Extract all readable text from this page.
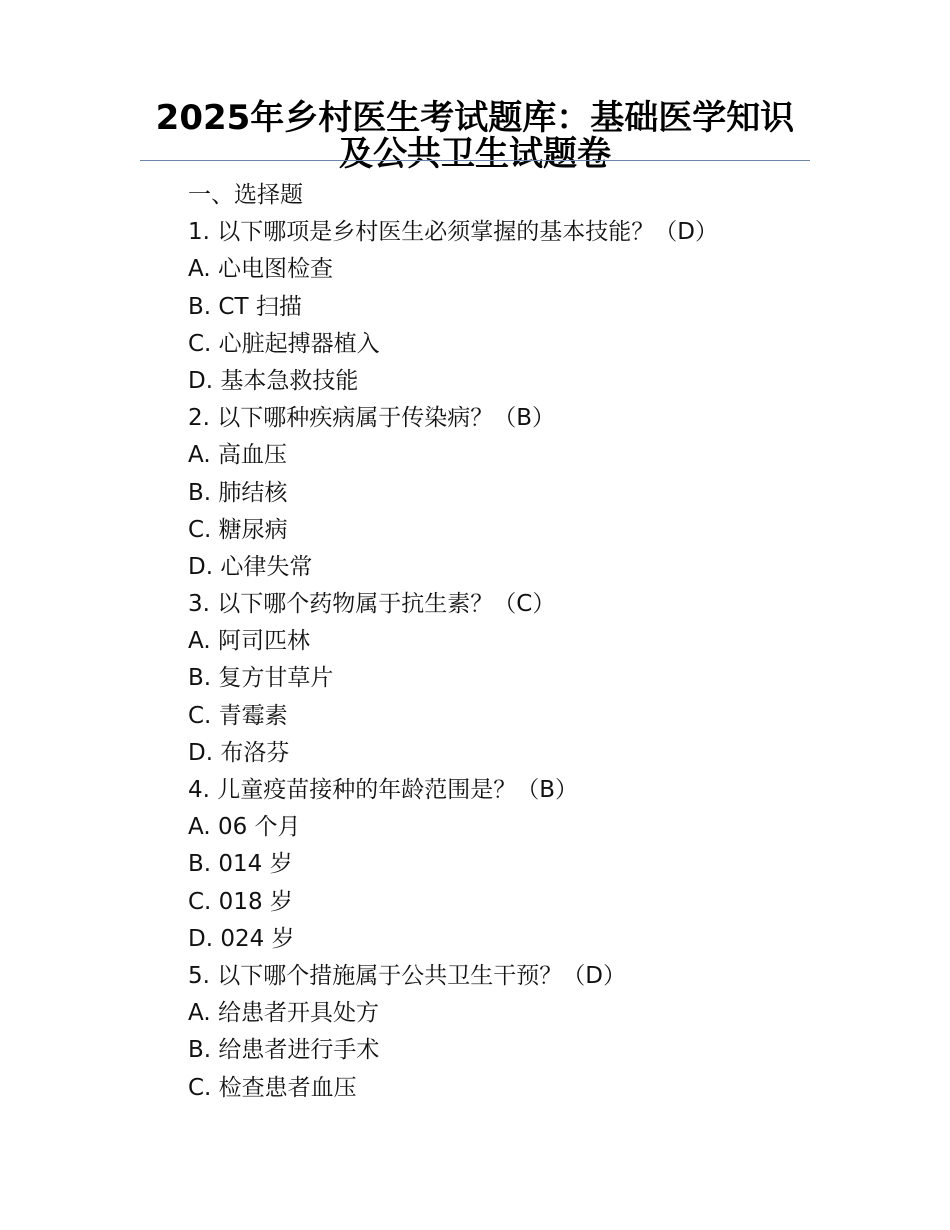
2025年乡村医生考试题库：基础医学知识及公共卫生试题卷
一、选择题
1. 以下哪项是乡村医生必须掌握的基本技能？（D）
A. 心电图检查
B. CT 扫描
C. 心脏起搏器植入
D. 基本急救技能
2. 以下哪种疾病属于传染病？（B）
A. 高血压
B. 肺结核
C. 糖尿病
D. 心律失常
3. 以下哪个药物属于抗生素？（C）
A. 阿司匹林
B. 复方甘草片
C. 青霉素
D. 布洛芬
4. 儿童疫苗接种的年龄范围是？（B）
A. 06 个月
B. 014 岁
C. 018 岁
D. 024 岁
5. 以下哪个措施属于公共卫生干预？（D）
A. 给患者开具处方
B. 给患者进行手术
C. 检查患者血压
